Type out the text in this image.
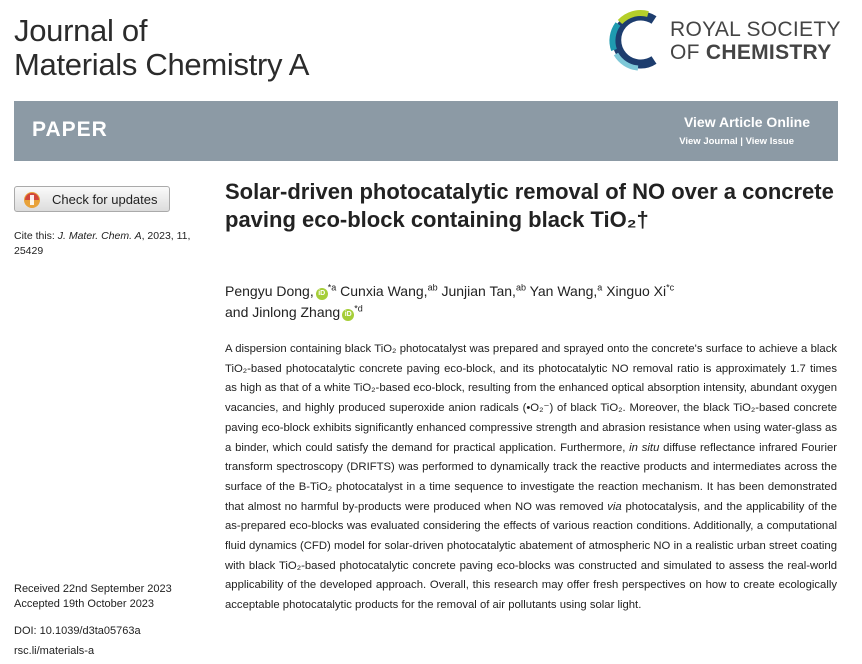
Journal of
Materials Chemistry A
ROYAL SOCIETY
OF CHEMISTRY
PAPER	View Article Online
View Journal | View Issue
Check for updates
Cite this: J. Mater. Chem. A, 2023, 11, 25429
Solar-driven photocatalytic removal of NO over a concrete paving eco-block containing black TiO₂†
Pengyu Dong, $iD^{*a}$ Cunxia Wang,$^{ab}$ Junjian Tan,$^{ab}$ Yan Wang,$^a$ Xinguo Xi$^{*c}$
and Jinlong Zhang $iD^{*d}$

A dispersion containing black TiO₂ photocatalyst was prepared and sprayed onto the concrete's surface to achieve a black TiO₂-based photocatalytic concrete paving eco-block, and its photocatalytic NO removal ratio is approximately 1.7 times as high as that of a white TiO₂-based eco-block, resulting from the enhanced optical absorption intensity, abundant oxygen vacancies, and highly produced superoxide anion radicals (•O₂⁻) of black TiO₂. Moreover, the black TiO₂-based concrete paving eco-block exhibits significantly enhanced compressive strength and abrasion resistance when using water-glass as a binder, which could satisfy the demand for practical application. Furthermore, in situ diffuse reflectance infrared Fourier transform spectroscopy (DRIFTS) was performed to dynamically track the reactive products and intermediates across the surface of the B-TiO₂ photocatalyst in a time sequence to investigate the reaction mechanism. It has been demonstrated that almost no harmful by-products were produced when NO was removed via photocatalysis, and the applicability of the as-prepared eco-blocks was evaluated considering the effects of various reaction conditions. Additionally, a computational fluid dynamics (CFD) model for solar-driven photocatalytic abatement of atmospheric NO in a realistic urban street coating with black TiO₂-based photocatalytic concrete paving eco-blocks was constructed and simulated to assess the real-world applicability of the developed approach. Overall, this research may offer fresh perspectives on how to create ecologically acceptable photocatalytic products for the removal of air pollutants using solar light.

Received 22nd September 2023
Accepted 19th October 2023
DOI: 10.1039/d3ta05763a
rsc.li/materials-a
